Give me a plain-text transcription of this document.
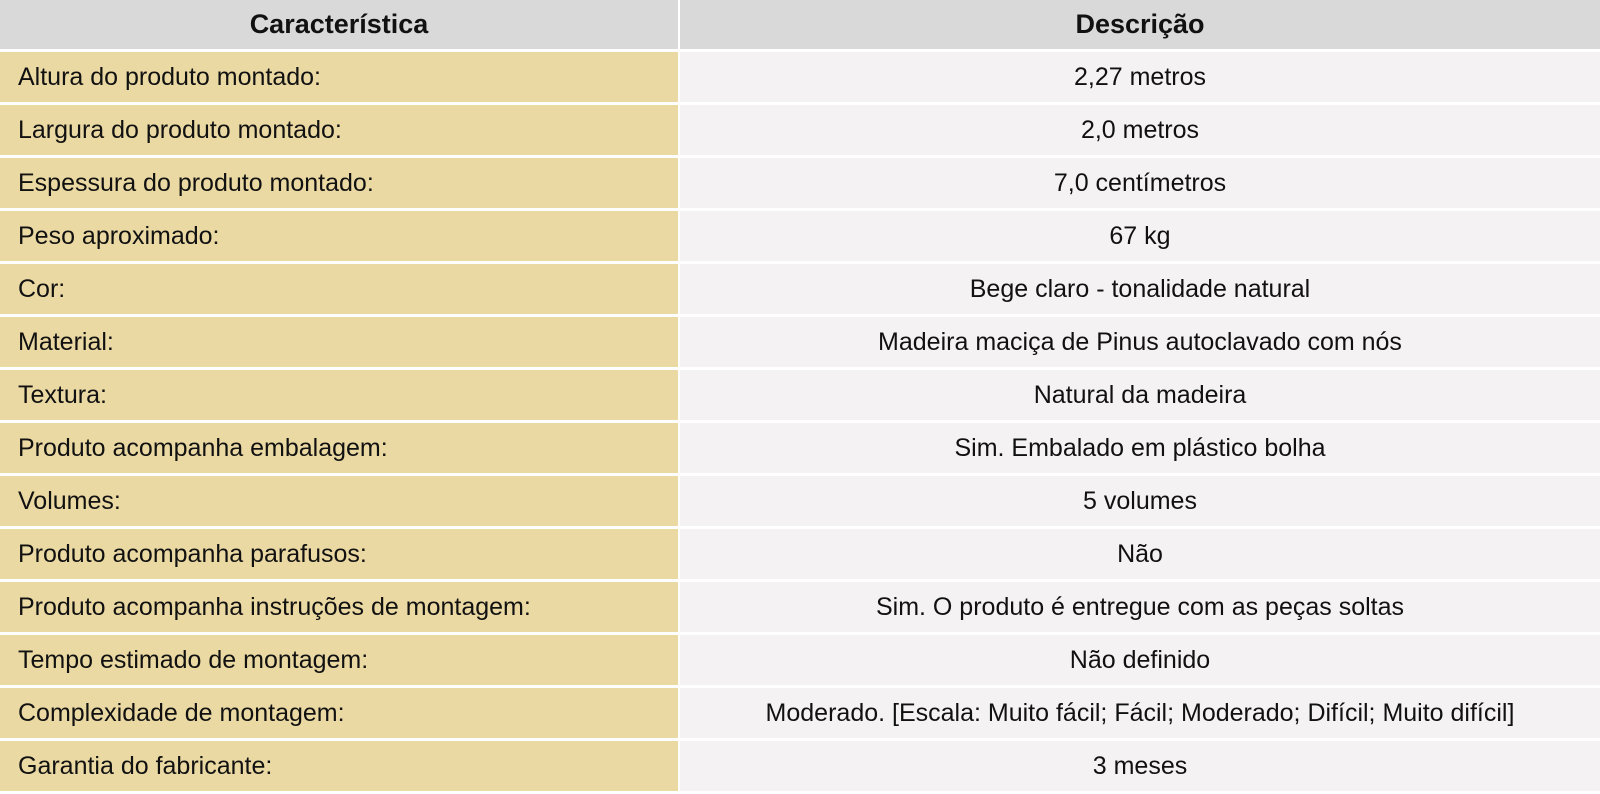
Característica	Descrição
Altura do produto montado:	2,27 metros
Largura do produto montado:	2,0 metros
Espessura do produto montado:	7,0 centímetros
Peso aproximado:	67 kg
Cor:	Bege claro - tonalidade natural
Material:	Madeira maciça de Pinus autoclavado com nós
Textura:	Natural da madeira
Produto acompanha embalagem:	Sim. Embalado em plástico bolha
Volumes:	5 volumes
Produto acompanha parafusos:	Não
Produto acompanha instruções de montagem:	Sim. O produto é entregue com as peças soltas
Tempo estimado de montagem:	Não definido
Complexidade de montagem:	Moderado. [Escala: Muito fácil; Fácil; Moderado; Difícil; Muito difícil]
Garantia do fabricante:	3 meses
